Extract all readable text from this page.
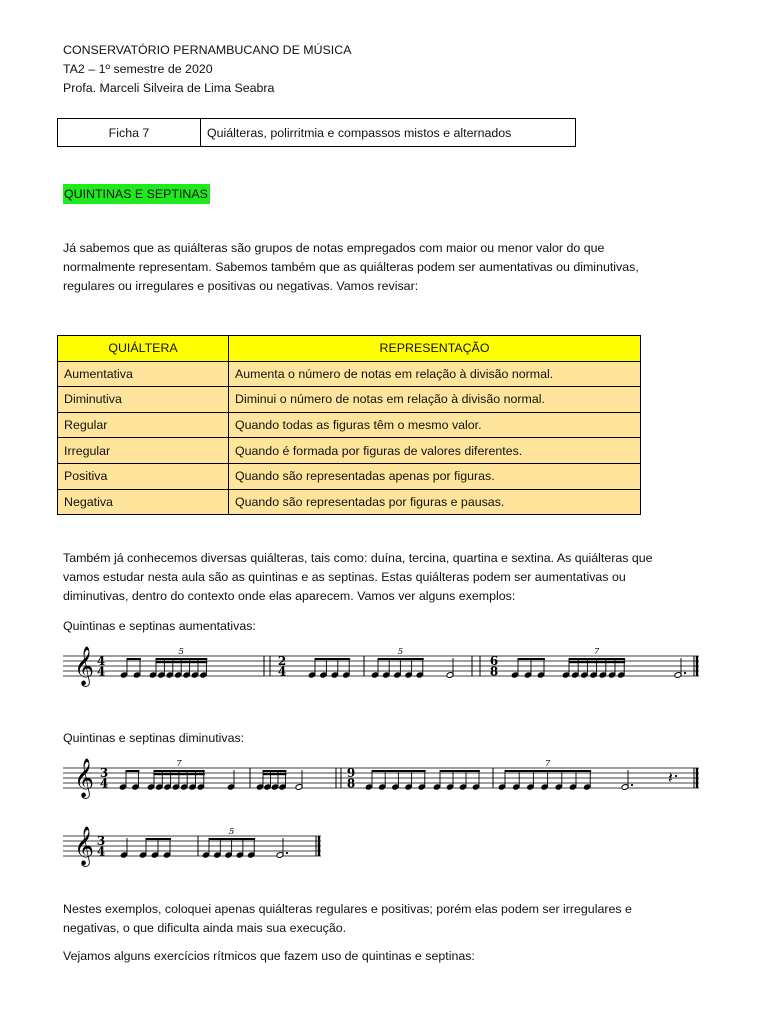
CONSERVATÓRIO PERNAMBUCANO DE MÚSICA
TA2 – 1º semestre de 2020
Profa. Marceli Silveira de Lima Seabra
Ficha 7	Quiálteras, polirritmia e compassos mistos e alternados
QUINTINAS E SEPTINAS
Já sabemos que as quiálteras são grupos de notas empregados com maior ou menor valor do que
normalmente representam. Sabemos também que as quiálteras podem ser aumentativas ou diminutivas,
regulares ou irregulares e positivas ou negativas. Vamos revisar:
QUIÁLTERA	REPRESENTAÇÃO
Aumentativa	Aumenta o número de notas em relação à divisão normal.
Diminutiva	Diminui o número de notas em relação à divisão normal.
Regular	Quando todas as figuras têm o mesmo valor.
Irregular	Quando é formada por figuras de valores diferentes.
Positiva	Quando são representadas apenas por figuras.
Negativa	Quando são representadas por figuras e pausas.
Também já conhecemos diversas quiálteras, tais como: duína, tercina, quartina e sextina. As quiálteras que
vamos estudar nesta aula são as quintinas e as septinas. Estas quiálteras podem ser aumentativas ou
diminutivas, dentro do contexto onde elas aparecem. Vamos ver alguns exemplos:
Quintinas e septinas aumentativas:
𝄞 4
4
5
2
4
5
6
8
7
Quintinas e septinas diminutivas:
𝄞 3
4
7
9
8
7
𝄽
𝄞 3
4
5
Nestes exemplos, coloquei apenas quiálteras regulares e positivas; porém elas podem ser irregulares e
negativas, o que dificulta ainda mais sua execução.
Vejamos alguns exercícios rítmicos que fazem uso de quintinas e septinas:
